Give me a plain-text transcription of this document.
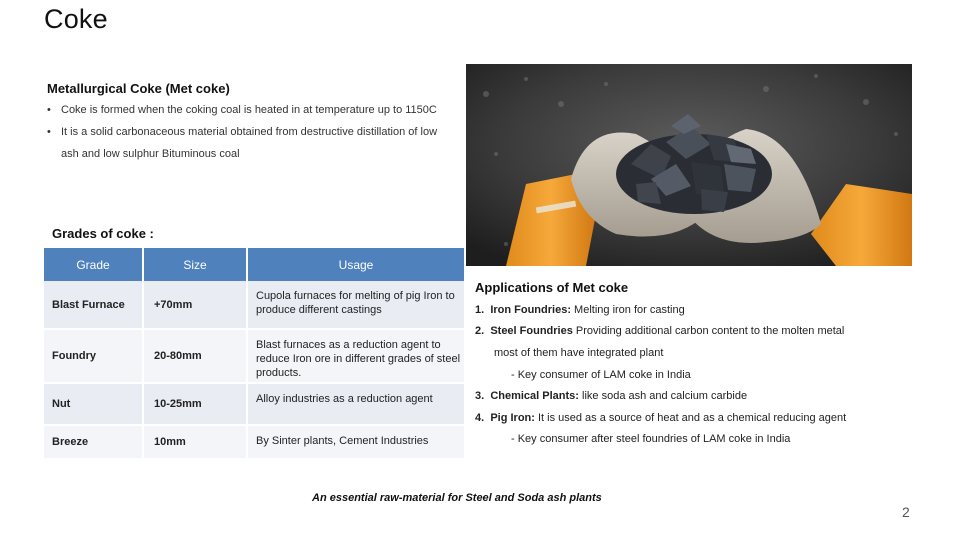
Coke
Metallurgical Coke (Met coke)
• Coke is formed when the coking coal is heated in at temperature up to 1150C
• It is a solid carbonaceous material obtained from destructive distillation of low
ash and low sulphur Bituminous coal
Grades of coke :
Grade	Size	Usage
Blast Furnace	+70mm	Cupola furnaces for melting of pig Iron to produce different castings
Foundry	20-80mm	Blast furnaces as a reduction agent to reduce Iron ore in different grades of steel products.
Nut	10-25mm	Alloy industries as a reduction agent
Breeze	10mm	By Sinter plants, Cement Industries
Applications of Met coke
1. Iron Foundries: Melting iron for casting
2. Steel Foundries Providing additional carbon content to the molten metal
most of them have integrated plant
- Key consumer of LAM coke in India
3. Chemical Plants: like soda ash and calcium carbide
4. Pig Iron: It is used as a source of heat and as a chemical reducing agent
- Key consumer after steel foundries of LAM coke in India
An essential raw-material for Steel and Soda ash plants
2
